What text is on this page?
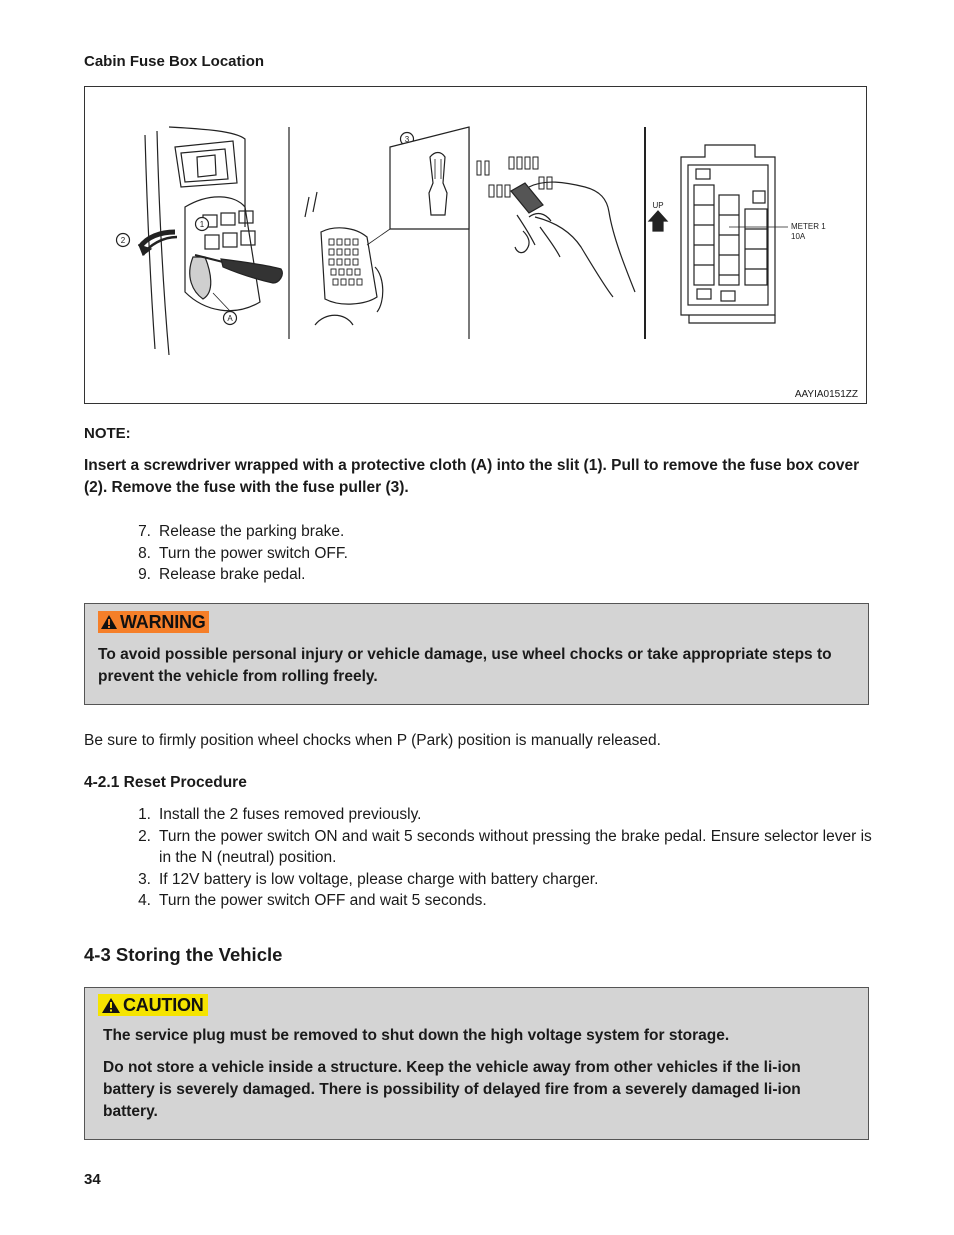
Cabin Fuse Box Location
1
2
A
3
UP
METER 1
10A
AAYIA0151ZZ
NOTE:
Insert a screwdriver wrapped with a protective cloth (A) into the slit (1). Pull to remove the fuse box cover (2). Remove the fuse with the fuse puller (3).
7. Release the parking brake.
8. Turn the power switch OFF.
9. Release brake pedal.
WARNING

To avoid possible personal injury or vehicle damage, use wheel chocks or take appropriate steps to prevent the vehicle from rolling freely.

Be sure to firmly position wheel chocks when P (Park) position is manually released.
4-2.1 Reset Procedure
1. Install the 2 fuses removed previously.
2. Turn the power switch ON and wait 5 seconds without pressing the brake pedal. Ensure selector lever is in the N (neutral) position.
3. If 12V battery is low voltage, please charge with battery charger.
4. Turn the power switch OFF and wait 5 seconds.
4-3 Storing the Vehicle
CAUTION

The service plug must be removed to shut down the high voltage system for storage.

Do not store a vehicle inside a structure. Keep the vehicle away from other vehicles if the li-ion battery is severely damaged. There is possibility of delayed fire from a severely damaged li-ion battery.

34
